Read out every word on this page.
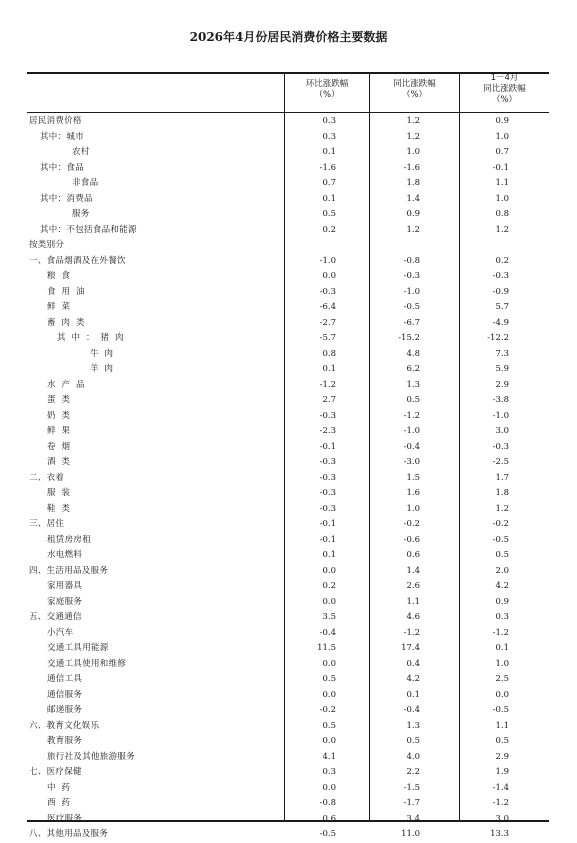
2026年4月份居民消费价格主要数据
环比涨跌幅
（%）
同比涨跌幅
（%）
1－4月
同比涨跌幅
（%）
居民消费价格	0.3	1.2	0.9
其中：城市	0.3	1.2	1.0
农村	0.1	1.0	0.7
其中：食品	-1.6	-1.6	-0.1
非食品	0.7	1.8	1.1
其中：消费品	0.1	1.4	1.0
服务	0.5	0.9	0.8
其中：不包括食品和能源	0.2	1.2	1.2
按类别分
一、食品烟酒及在外餐饮	-1.0	-0.8	0.2
粮食	0.0	-0.3	-0.3
食用油	-0.3	-1.0	-0.9
鲜菜	-6.4	-0.5	5.7
畜肉类	-2.7	-6.7	-4.9
其中：猪肉	-5.7	-15.2	-12.2
牛肉	0.8	4.8	7.3
羊肉	0.1	6.2	5.9
水产品	-1.2	1.3	2.9
蛋类	2.7	0.5	-3.8
奶类	-0.3	-1.2	-1.0
鲜果	-2.3	-1.0	3.0
卷烟	-0.1	-0.4	-0.3
酒类	-0.3	-3.0	-2.5
二、衣着	-0.3	1.5	1.7
服装	-0.3	1.6	1.8
鞋类	-0.3	1.0	1.2
三、居住	-0.1	-0.2	-0.2
租赁房房租	-0.1	-0.6	-0.5
水电燃料	0.1	0.6	0.5
四、生活用品及服务	0.0	1.4	2.0
家用器具	0.2	2.6	4.2
家庭服务	0.0	1.1	0.9
五、交通通信	3.5	4.6	0.3
小汽车	-0.4	-1.2	-1.2
交通工具用能源	11.5	17.4	0.1
交通工具使用和维修	0.0	0.4	1.0
通信工具	0.5	4.2	2.5
通信服务	0.0	0.1	0.0
邮递服务	-0.2	-0.4	-0.5
六、教育文化娱乐	0.5	1.3	1.1
教育服务	0.0	0.5	0.5
旅行社及其他旅游服务	4.1	4.0	2.9
七、医疗保健	0.3	2.2	1.9
中药	0.0	-1.5	-1.4
西药	-0.8	-1.7	-1.2
医疗服务	0.6	3.4	3.0
八、其他用品及服务	-0.5	11.0	13.3
